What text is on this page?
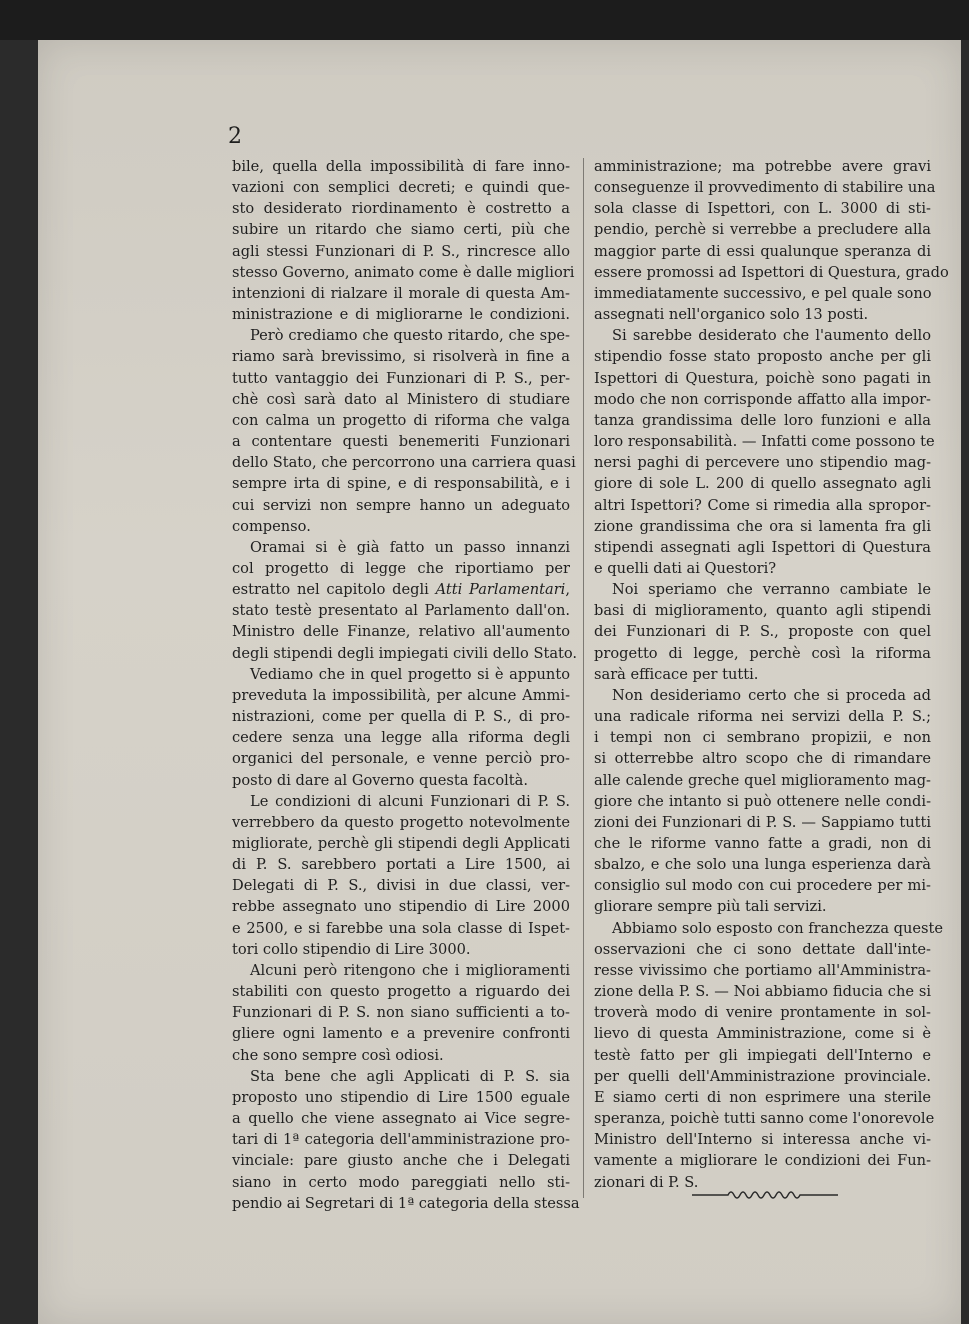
2
bile, quella della impossibilità di fare inno-
vazioni con semplici decreti; e quindi que-
sto desiderato riordinamento è costretto a
subire un ritardo che siamo certi, più che
agli stessi Funzionari di P. S., rincresce allo
stesso Governo, animato come è dalle migliori
intenzioni di rialzare il morale di questa Am-
ministrazione e di migliorarne le condizioni.
Però crediamo che questo ritardo, che spe-
riamo sarà brevissimo, si risolverà in fine a
tutto vantaggio dei Funzionari di P. S., per-
chè così sarà dato al Ministero di studiare
con calma un progetto di riforma che valga
a contentare questi benemeriti Funzionari
dello Stato, che percorrono una carriera quasi
sempre irta di spine, e di responsabilità, e i
cui servizi non sempre hanno un adeguato
compenso.
Oramai si è già fatto un passo innanzi
col progetto di legge che riportiamo per
estratto nel capitolo degli Atti Parlamentari,
stato testè presentato al Parlamento dall'on.
Ministro delle Finanze, relativo all'aumento
degli stipendi degli impiegati civili dello Stato.
Vediamo che in quel progetto si è appunto
preveduta la impossibilità, per alcune Ammi-
nistrazioni, come per quella di P. S., di pro-
cedere senza una legge alla riforma degli
organici del personale, e venne perciò pro-
posto di dare al Governo questa facoltà.
Le condizioni di alcuni Funzionari di P. S.
verrebbero da questo progetto notevolmente
migliorate, perchè gli stipendi degli Applicati
di P. S. sarebbero portati a Lire 1500, ai
Delegati di P. S., divisi in due classi, ver-
rebbe assegnato uno stipendio di Lire 2000
e 2500, e si farebbe una sola classe di Ispet-
tori collo stipendio di Lire 3000.
Alcuni però ritengono che i miglioramenti
stabiliti con questo progetto a riguardo dei
Funzionari di P. S. non siano sufficienti a to-
gliere ogni lamento e a prevenire confronti
che sono sempre così odiosi.
Sta bene che agli Applicati di P. S. sia
proposto uno stipendio di Lire 1500 eguale
a quello che viene assegnato ai Vice segre-
tari di 1ª categoria dell'amministrazione pro-
vinciale: pare giusto anche che i Delegati
siano in certo modo pareggiati nello sti-
pendio ai Segretari di 1ª categoria della stessa
amministrazione; ma potrebbe avere gravi
conseguenze il provvedimento di stabilire una
sola classe di Ispettori, con L. 3000 di sti-
pendio, perchè si verrebbe a precludere alla
maggior parte di essi qualunque speranza di
essere promossi ad Ispettori di Questura, grado
immediatamente successivo, e pel quale sono
assegnati nell'organico solo 13 posti.
Si sarebbe desiderato che l'aumento dello
stipendio fosse stato proposto anche per gli
Ispettori di Questura, poichè sono pagati in
modo che non corrisponde affatto alla impor-
tanza grandissima delle loro funzioni e alla
loro responsabilità. — Infatti come possono te
nersi paghi di percevere uno stipendio mag-
giore di sole L. 200 di quello assegnato agli
altri Ispettori? Come si rimedia alla spropor-
zione grandissima che ora si lamenta fra gli
stipendi assegnati agli Ispettori di Questura
e quelli dati ai Questori?
Noi speriamo che verranno cambiate le
basi di miglioramento, quanto agli stipendi
dei Funzionari di P. S., proposte con quel
progetto di legge, perchè così la riforma
sarà efficace per tutti.
Non desideriamo certo che si proceda ad
una radicale riforma nei servizi della P. S.;
i tempi non ci sembrano propizii, e non
si otterrebbe altro scopo che di rimandare
alle calende greche quel miglioramento mag-
giore che intanto si può ottenere nelle condi-
zioni dei Funzionari di P. S. — Sappiamo tutti
che le riforme vanno fatte a gradi, non di
sbalzo, e che solo una lunga esperienza darà
consiglio sul modo con cui procedere per mi-
gliorare sempre più tali servizi.
Abbiamo solo esposto con franchezza queste
osservazioni che ci sono dettate dall'inte-
resse vivissimo che portiamo all'Amministra-
zione della P. S. — Noi abbiamo fiducia che si
troverà modo di venire prontamente in sol-
lievo di questa Amministrazione, come si è
testè fatto per gli impiegati dell'Interno e
per quelli dell'Amministrazione provinciale.
E siamo certi di non esprimere una sterile
speranza, poichè tutti sanno come l'onorevole
Ministro dell'Interno si interessa anche vi-
vamente a migliorare le condizioni dei Fun-
zionari di P. S.
